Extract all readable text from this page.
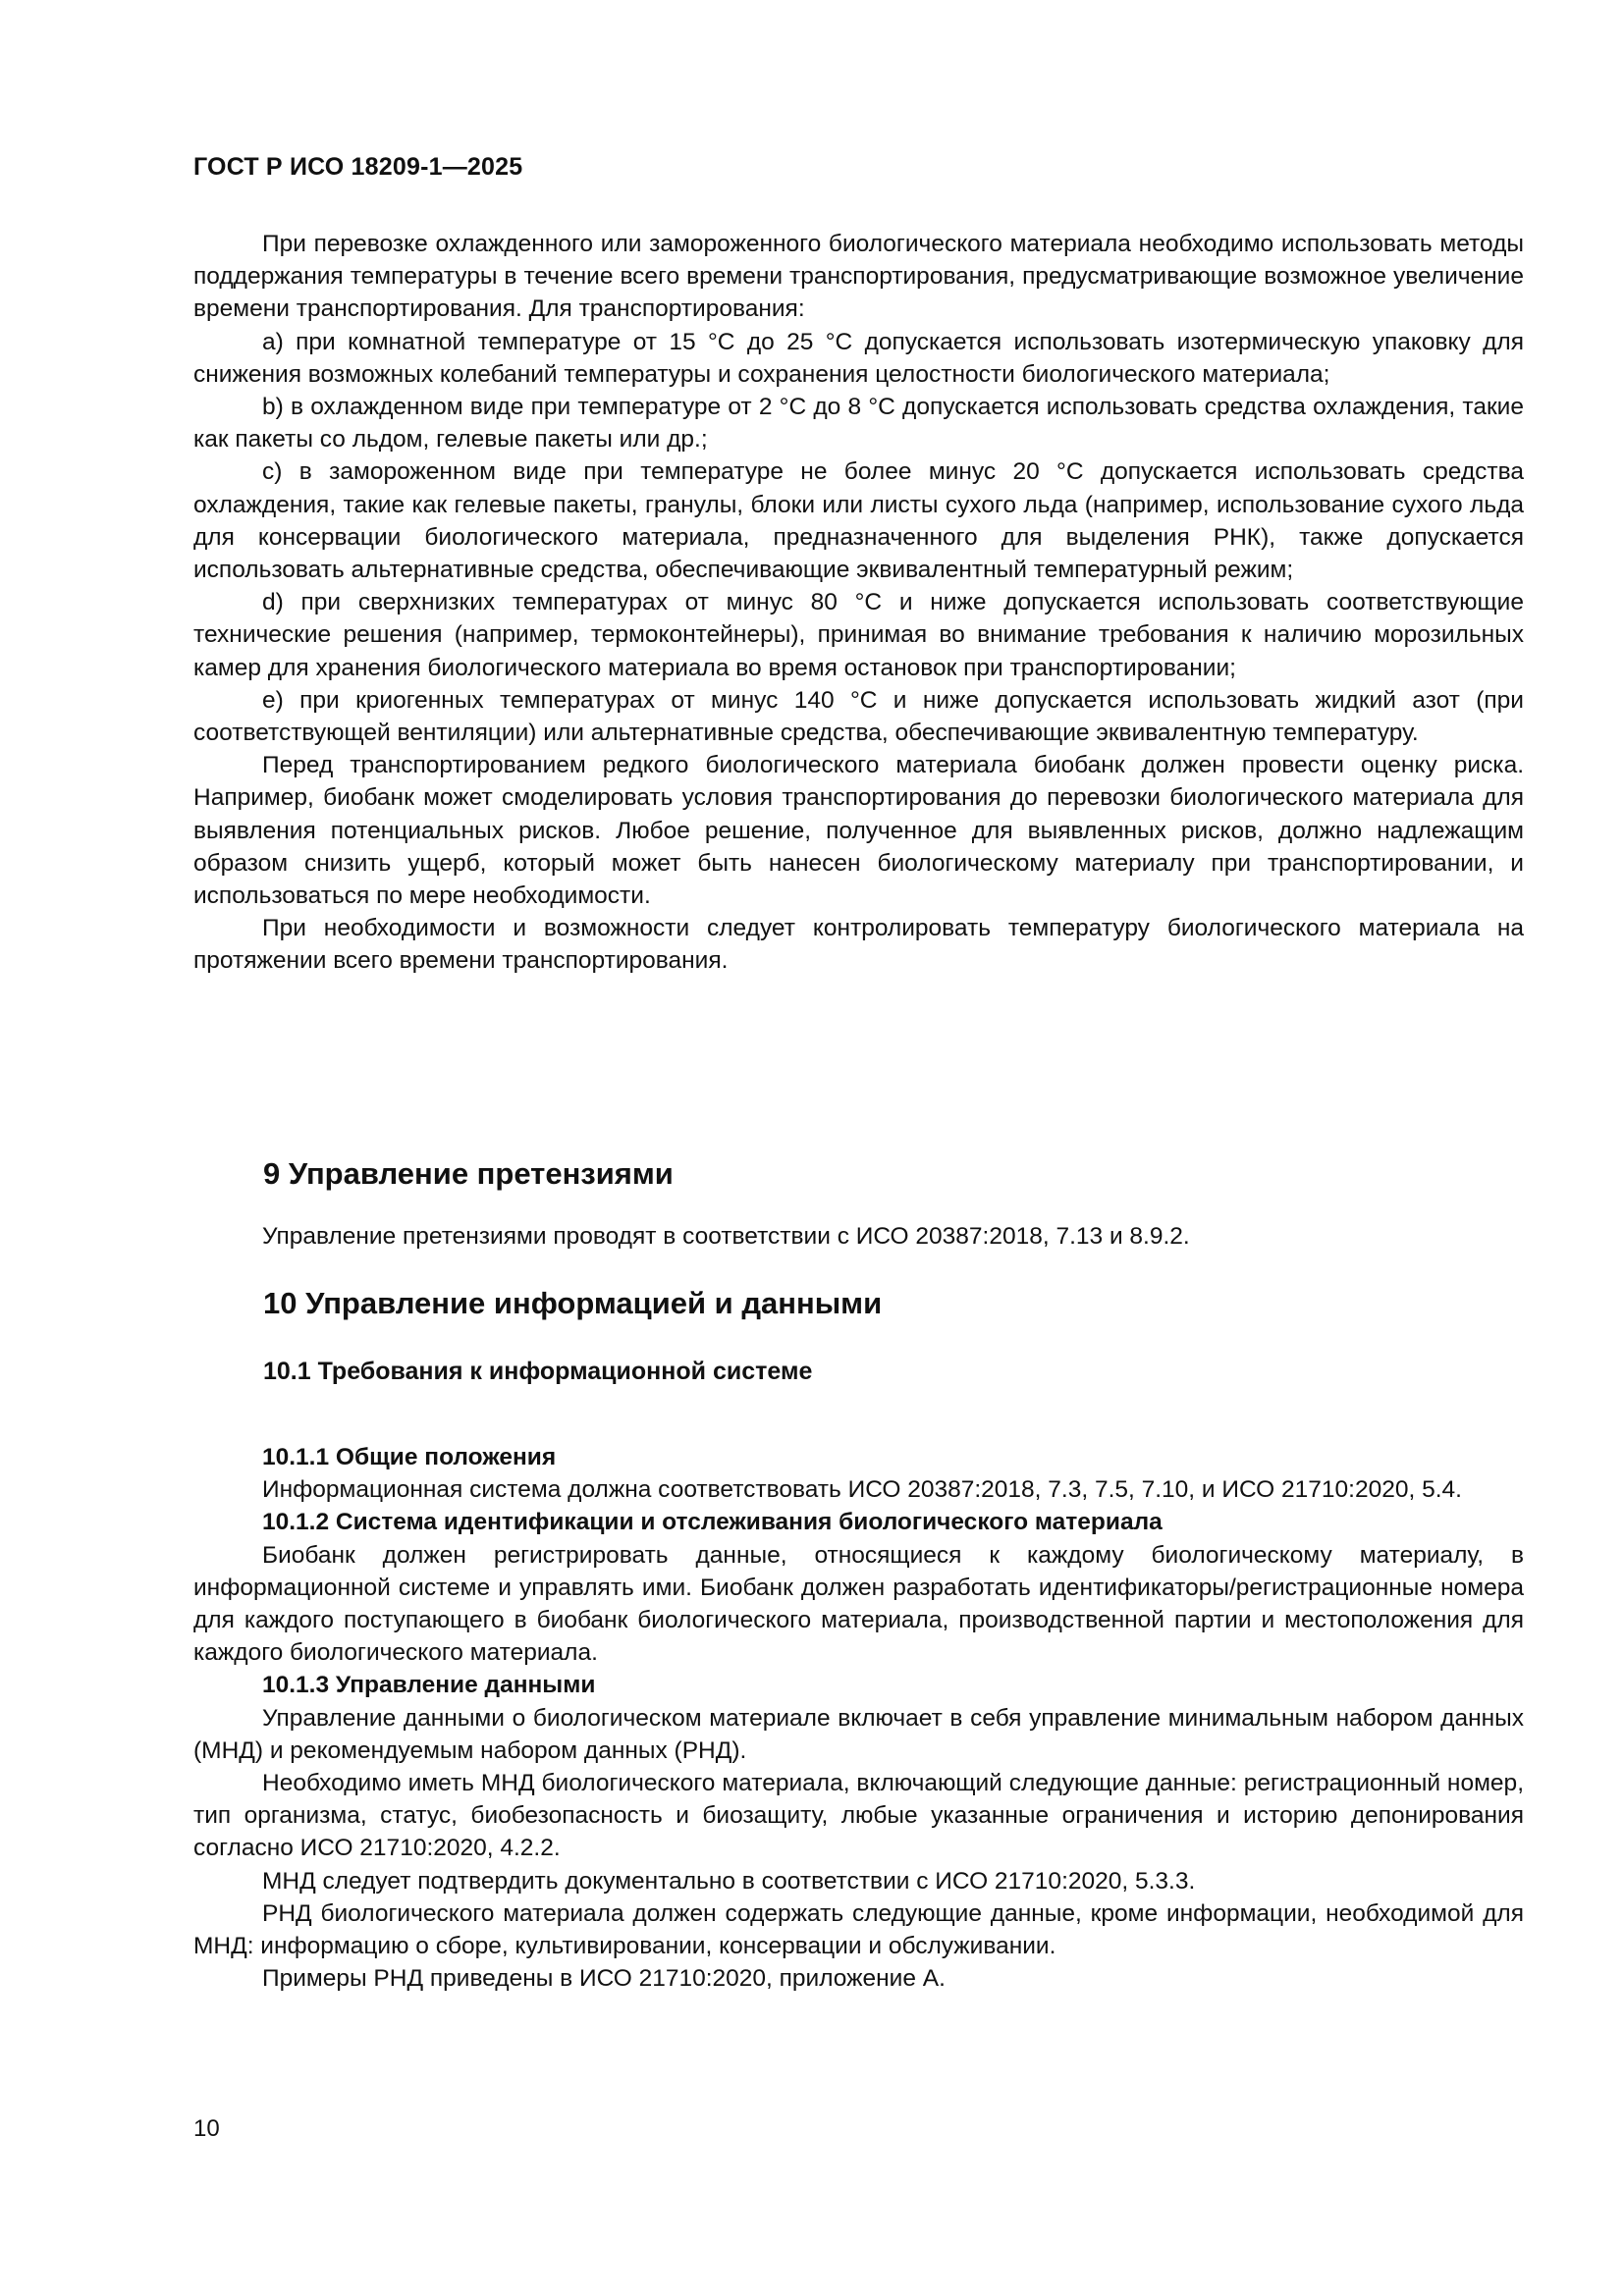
ГОСТ Р ИСО 18209-1—2025

При перевозке охлажденного или замороженного биологического материала необходимо использовать методы поддержания температуры в течение всего времени транспортирования, предусматривающие возможное увеличение времени транспортирования. Для транспортирования:

a) при комнатной температуре от 15 °C до 25 °C допускается использовать изотермическую упаковку для снижения возможных колебаний температуры и сохранения целостности биологического материала;

b) в охлажденном виде при температуре от 2 °C до 8 °C допускается использовать средства охлаждения, такие как пакеты со льдом, гелевые пакеты или др.;

c) в замороженном виде при температуре не более минус 20 °C допускается использовать средства охлаждения, такие как гелевые пакеты, гранулы, блоки или листы сухого льда (например, использование сухого льда для консервации биологического материала, предназначенного для выделения РНК), также допускается использовать альтернативные средства, обеспечивающие эквивалентный температурный режим;

d) при сверхнизких температурах от минус 80 °C и ниже допускается использовать соответствующие технические решения (например, термоконтейнеры), принимая во внимание требования к наличию морозильных камер для хранения биологического материала во время остановок при транспортировании;

e) при криогенных температурах от минус 140 °C и ниже допускается использовать жидкий азот (при соответствующей вентиляции) или альтернативные средства, обеспечивающие эквивалентную температуру.

Перед транспортированием редкого биологического материала биобанк должен провести оценку риска. Например, биобанк может смоделировать условия транспортирования до перевозки биологического материала для выявления потенциальных рисков. Любое решение, полученное для выявленных рисков, должно надлежащим образом снизить ущерб, который может быть нанесен биологическому материалу при транспортировании, и использоваться по мере необходимости.

При необходимости и возможности следует контролировать температуру биологического материала на протяжении всего времени транспортирования.

9 Управление претензиями

Управление претензиями проводят в соответствии с ИСО 20387:2018, 7.13 и 8.9.2.

10 Управление информацией и данными
10.1 Требования к информационной системе

10.1.1 Общие положения

Информационная система должна соответствовать ИСО 20387:2018, 7.3, 7.5, 7.10, и ИСО 21710:2020, 5.4.

10.1.2 Система идентификации и отслеживания биологического материала

Биобанк должен регистрировать данные, относящиеся к каждому биологическому материалу, в информационной системе и управлять ими. Биобанк должен разработать идентификаторы/регистрационные номера для каждого поступающего в биобанк биологического материала, производственной партии и местоположения для каждого биологического материала.

10.1.3 Управление данными

Управление данными о биологическом материале включает в себя управление минимальным набором данных (МНД) и рекомендуемым набором данных (РНД).

Необходимо иметь МНД биологического материала, включающий следующие данные: регистрационный номер, тип организма, статус, биобезопасность и биозащиту, любые указанные ограничения и историю депонирования согласно ИСО 21710:2020, 4.2.2.

МНД следует подтвердить документально в соответствии с ИСО 21710:2020, 5.3.3.

РНД биологического материала должен содержать следующие данные, кроме информации, необходимой для МНД: информацию о сборе, культивировании, консервации и обслуживании.

Примеры РНД приведены в ИСО 21710:2020, приложение А.

10
